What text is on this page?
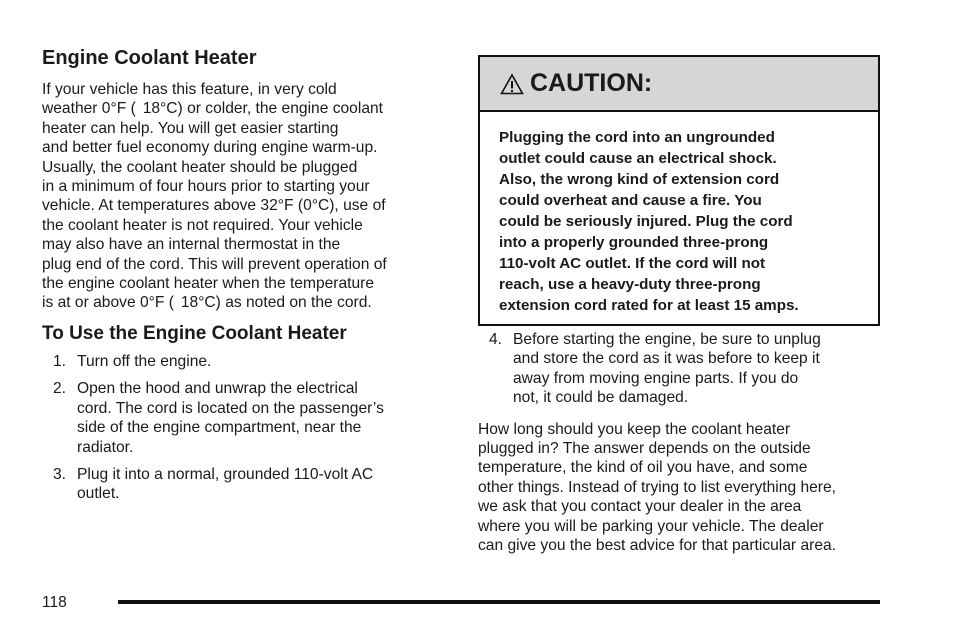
Engine Coolant Heater

If your vehicle has this feature, in very cold
weather 0°F (   18°C) or colder, the engine coolant
heater can help. You will get easier starting
and better fuel economy during engine warm-up.
Usually, the coolant heater should be plugged
in a minimum of four hours prior to starting your
vehicle. At temperatures above 32°F (0°C), use of
the coolant heater is not required. Your vehicle
may also have an internal thermostat in the
plug end of the cord. This will prevent operation of
the engine coolant heater when the temperature
is at or above 0°F (   18°C) as noted on the cord.

To Use the Engine Coolant Heater
1. Turn off the engine.
2. Open the hood and unwrap the electrical
cord. The cord is located on the passenger’s
side of the engine compartment, near the
radiator.
3. Plug it into a normal, grounded 110-volt AC
outlet.
CAUTION:

Plugging the cord into an ungrounded
outlet could cause an electrical shock.
Also, the wrong kind of extension cord
could overheat and cause a fire. You
could be seriously injured. Plug the cord
into a properly grounded three-prong
110-volt AC outlet. If the cord will not
reach, use a heavy-duty three-prong
extension cord rated for at least 15 amps.

4. Before starting the engine, be sure to unplug
and store the cord as it was before to keep it
away from moving engine parts. If you do
not, it could be damaged.

How long should you keep the coolant heater
plugged in? The answer depends on the outside
temperature, the kind of oil you have, and some
other things. Instead of trying to list everything here,
we ask that you contact your dealer in the area
where you will be parking your vehicle. The dealer
can give you the best advice for that particular area.

118
